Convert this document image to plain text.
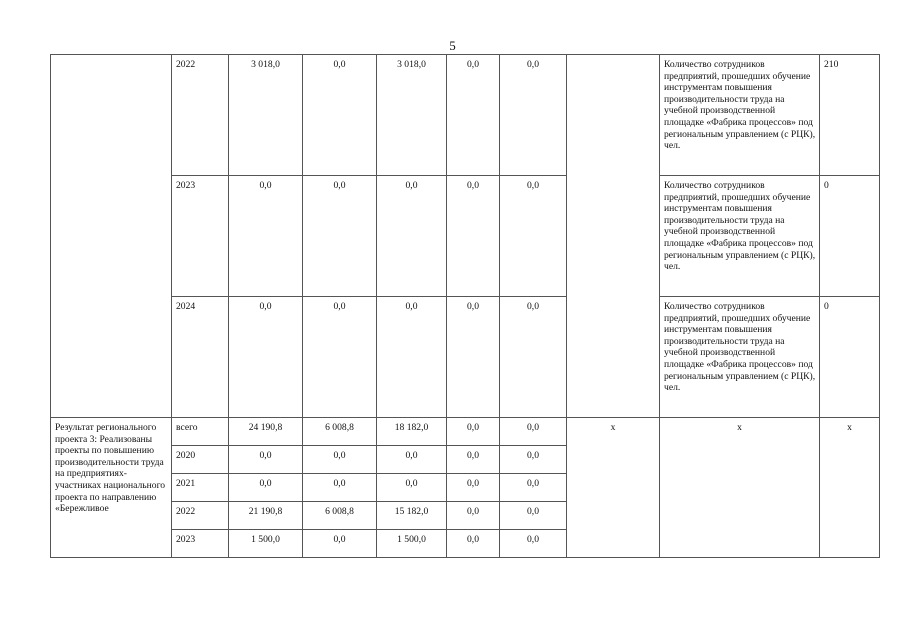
5
	2022	3 018,0	0,0	3 018,0	0,0	0,0		Количество сотрудников предприятий, прошедших обучение инструментам повышения производительности труда на учебной производственной площадке «Фабрика процессов» под региональным управлением (с РЦК), чел.	210
	2023	0,0	0,0	0,0	0,0	0,0		Количество сотрудников предприятий, прошедших обучение инструментам повышения производительности труда на учебной производственной площадке «Фабрика процессов» под региональным управлением (с РЦК), чел.	0
	2024	0,0	0,0	0,0	0,0	0,0		Количество сотрудников предприятий, прошедших обучение инструментам повышения производительности труда на учебной производственной площадке «Фабрика процессов» под региональным управлением (с РЦК), чел.	0
Результат регионального проекта 3: Реализованы проекты по повышению производительности труда на предприятиях-участниках национального проекта по направлению «Бережливое	всего	24 190,8	6 008,8	18 182,0	0,0	0,0	х	х	х
	2020	0,0	0,0	0,0	0,0	0,0			
	2021	0,0	0,0	0,0	0,0	0,0			
	2022	21 190,8	6 008,8	15 182,0	0,0	0,0			
	2023	1 500,0	0,0	1 500,0	0,0	0,0			
